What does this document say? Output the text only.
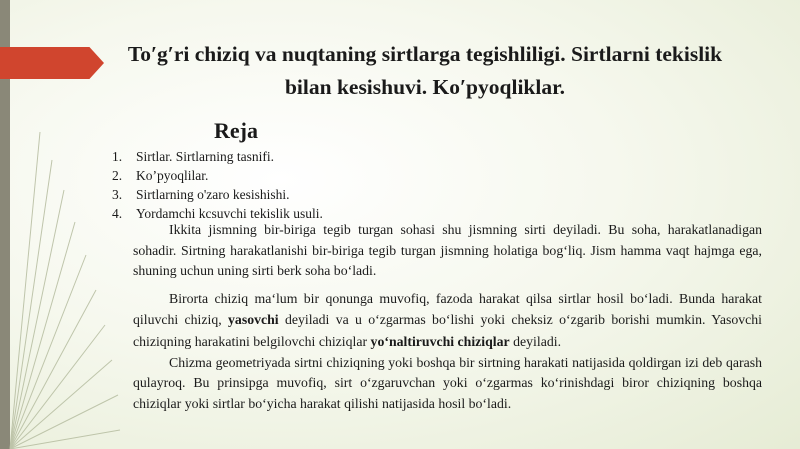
To′g′ri chiziq va nuqtaning sirtlarga tegishliligi. Sirtlarni tekislik bilan kesishuvi. Ko′pyoqliklar.
Reja
1. Sirtlar. Sirtlarning tasnifi.
2. Ko’pyoqlilar.
3. Sirtlarning o'zaro kesishishi.
4. Yordamchi kcsuvchi tekislik usuli.

Ikkita jismning bir-biriga tegib turgan sohasi shu jismning sirti deyiladi. Bu soha, harakatlanadigan sohadir. Sirtning harakatlanishi bir-biriga tegib turgan jismning holatiga bog‘liq. Jism hamma vaqt hajmga ega, shuning uchun uning sirti berk soha bo‘ladi.

Birorta chiziq ma‘lum bir qonunga muvofiq, fazoda harakat qilsa sirtlar hosil bo‘ladi. Bunda harakat qiluvchi chiziq, yasovchi deyiladi va u o‘zgarmas bo‘lishi yoki cheksiz o‘zgarib borishi mumkin. Yasovchi chiziqning harakatini belgilovchi chiziqlar yo‘naltiruvchi chiziqlar deyiladi.

Chizma geometriyada sirtni chiziqning yoki boshqa bir sirtning harakati natijasida qoldirgan izi deb qarash qulayroq. Bu prinsipga muvofiq, sirt o‘zgaruvchan yoki o‘zgarmas ko‘rinishdagi biror chiziqning boshqa chiziqlar yoki sirtlar bo‘yicha harakat qilishi natijasida hosil bo‘ladi.
